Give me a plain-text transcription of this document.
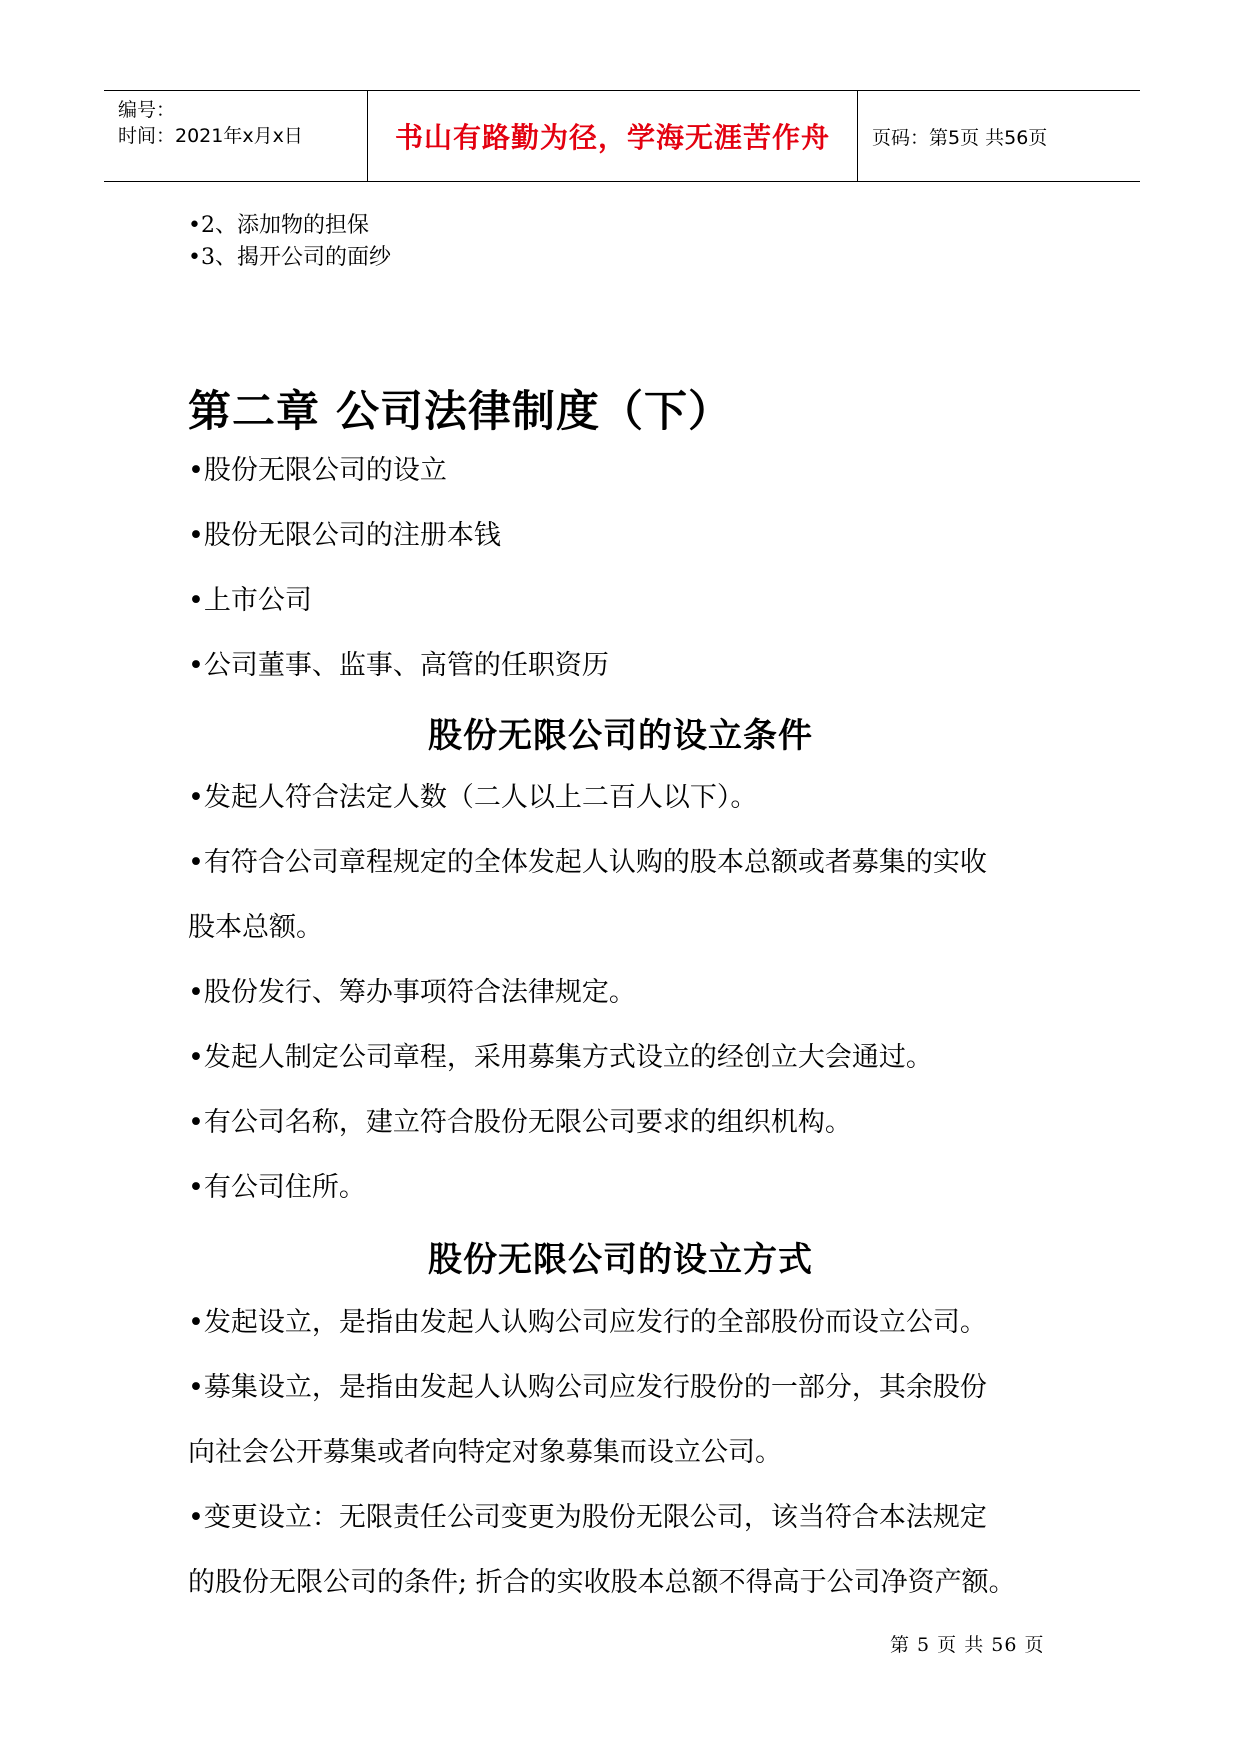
编号：
时间：2021年x月x日	书山有路勤为径，学海无涯苦作舟 页码：第5页 共56页
•2、添加物的担保
•3、揭开公司的面纱
第二章 公司法律制度（下）
•股份无限公司的设立
•股份无限公司的注册本钱
•上市公司
•公司董事、监事、高管的任职资历
股份无限公司的设立条件
•发起人符合法定人数（二人以上二百人以下）。
•有符合公司章程规定的全体发起人认购的股本总额或者募集的实收
股本总额。
•股份发行、筹办事项符合法律规定。
•发起人制定公司章程，采用募集方式设立的经创立大会通过。
•有公司名称，建立符合股份无限公司要求的组织机构。
•有公司住所。
股份无限公司的设立方式
•发起设立，是指由发起人认购公司应发行的全部股份而设立公司。
•募集设立，是指由发起人认购公司应发行股份的一部分，其余股份
向社会公开募集或者向特定对象募集而设立公司。
•变更设立：无限责任公司变更为股份无限公司，该当符合本法规定
的股份无限公司的条件; 折合的实收股本总额不得高于公司净资产额。
第 5 页 共 56 页
